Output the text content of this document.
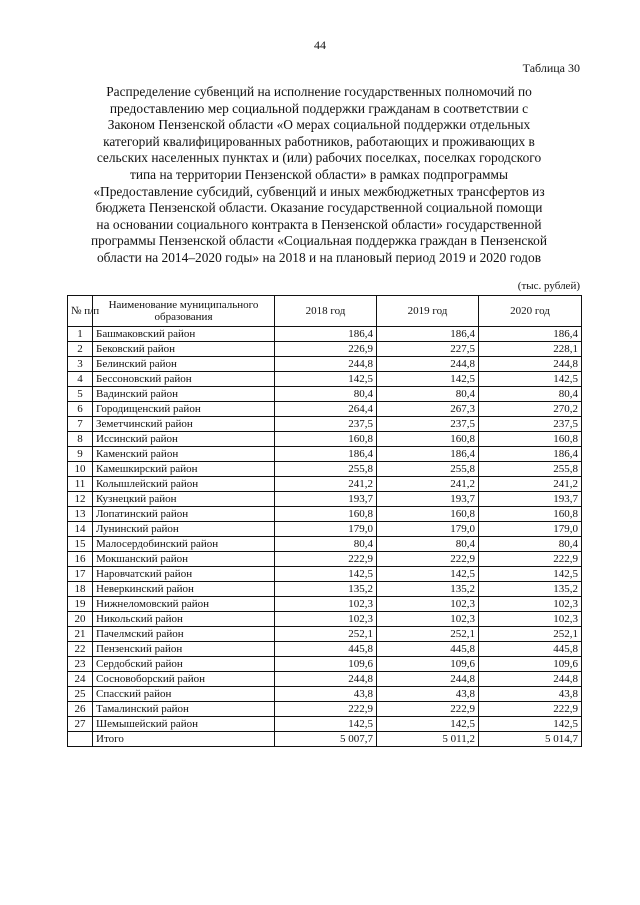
44
Таблица 30
Распределение субвенций на исполнение государственных полномочий по
предоставлению мер социальной поддержки гражданам в соответствии с
Законом Пензенской области «О мерах социальной поддержки отдельных
категорий квалифицированных работников, работающих и проживающих в
сельских населенных пунктах и (или) рабочих поселках, поселках городского
типа на территории Пензенской области» в рамках подпрограммы
«Предоставление субсидий, субвенций и иных межбюджетных трансфертов из
бюджета Пензенской области. Оказание государственной социальной помощи
на основании социального контракта в Пензенской области» государственной
программы Пензенской области «Социальная поддержка граждан в Пензенской
области на 2014–2020 годы» на 2018 и на плановый период 2019 и 2020 годов
(тыс. рублей)
№ п/п	Наименование муниципального образования	2018 год	2019 год	2020 год
1	Башмаковский район	186,4	186,4	186,4
2	Бековский район	226,9	227,5	228,1
3	Белинский район	244,8	244,8	244,8
4	Бессоновский район	142,5	142,5	142,5
5	Вадинский район	80,4	80,4	80,4
6	Городищенский район	264,4	267,3	270,2
7	Земетчинский район	237,5	237,5	237,5
8	Иссинский район	160,8	160,8	160,8
9	Каменский район	186,4	186,4	186,4
10	Камешкирский район	255,8	255,8	255,8
11	Колышлейский район	241,2	241,2	241,2
12	Кузнецкий район	193,7	193,7	193,7
13	Лопатинский район	160,8	160,8	160,8
14	Лунинский район	179,0	179,0	179,0
15	Малосердобинский район	80,4	80,4	80,4
16	Мокшанский район	222,9	222,9	222,9
17	Наровчатский район	142,5	142,5	142,5
18	Неверкинский район	135,2	135,2	135,2
19	Нижнеломовский район	102,3	102,3	102,3
20	Никольский район	102,3	102,3	102,3
21	Пачелмский район	252,1	252,1	252,1
22	Пензенский район	445,8	445,8	445,8
23	Сердобский район	109,6	109,6	109,6
24	Сосновоборский район	244,8	244,8	244,8
25	Спасский район	43,8	43,8	43,8
26	Тамалинский район	222,9	222,9	222,9
27	Шемышейский район	142,5	142,5	142,5
	Итого	5 007,7	5 011,2	5 014,7
